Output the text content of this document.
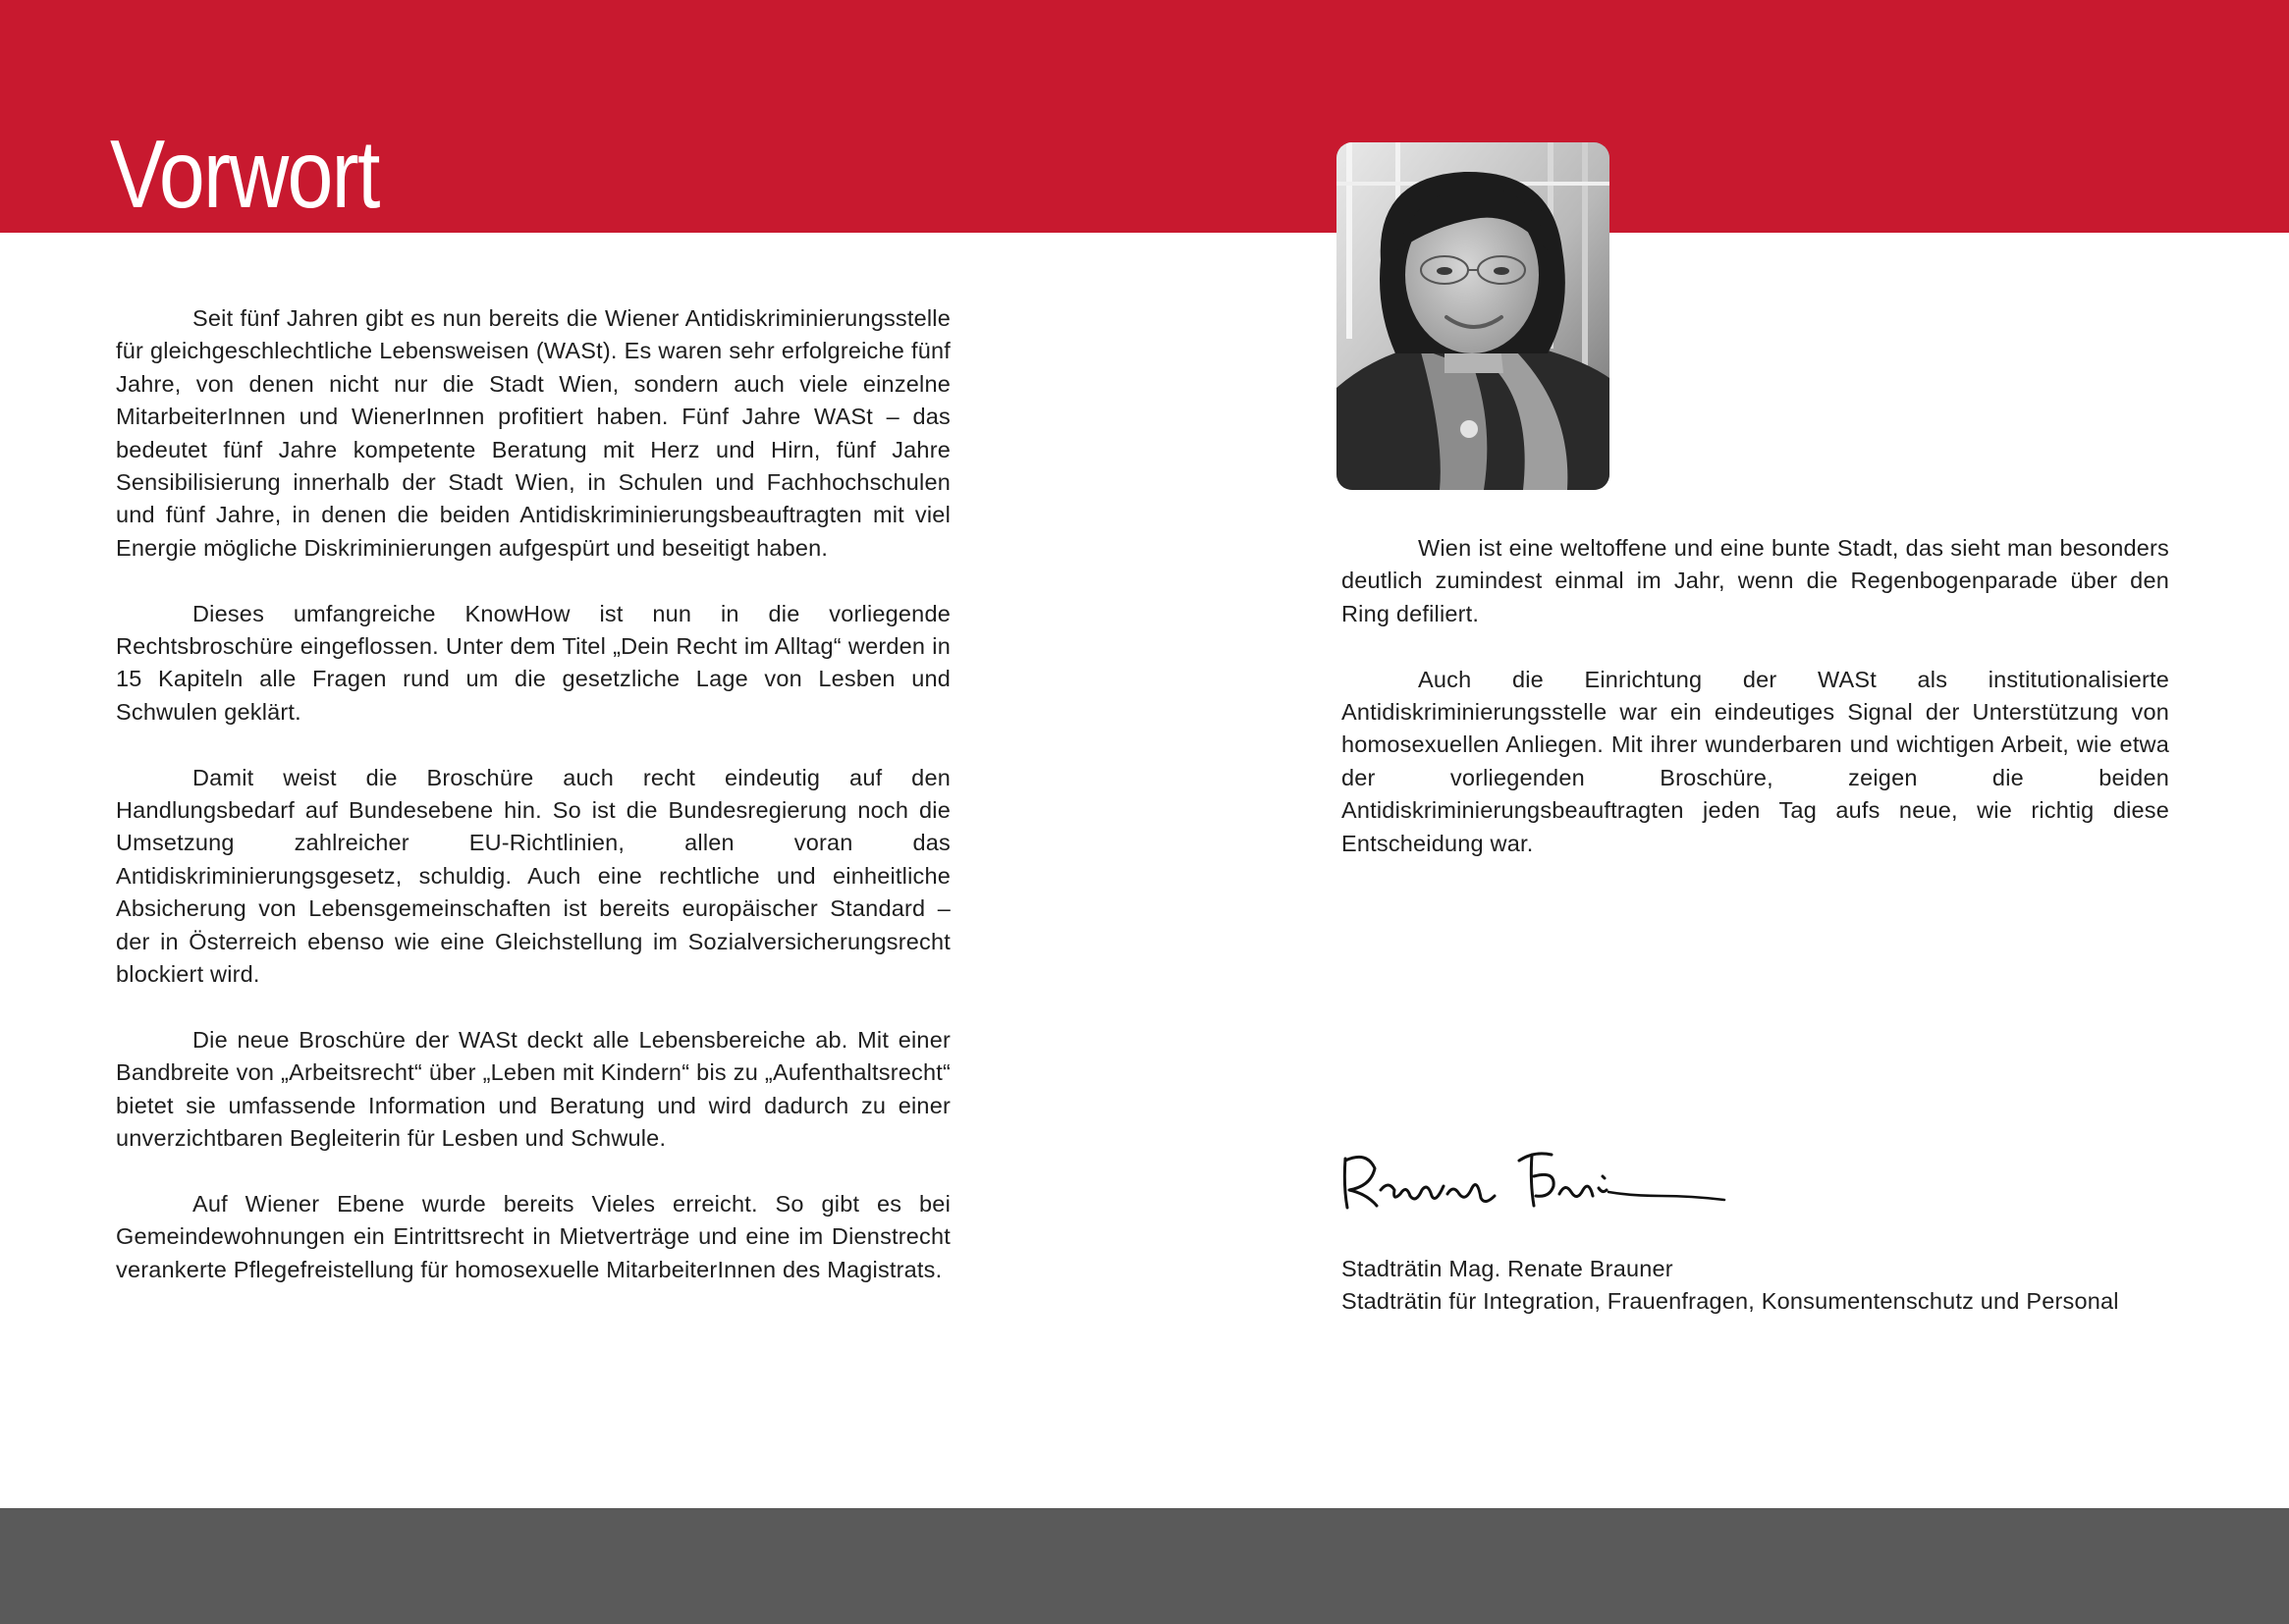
Vorwort

Seit fünf Jahren gibt es nun bereits die Wiener Antidiskriminierungsstelle für gleichgeschlechtliche Lebensweisen (WASt). Es waren sehr erfolgreiche fünf Jahre, von denen nicht nur die Stadt Wien, sondern auch viele einzelne MitarbeiterInnen und WienerInnen profitiert haben. Fünf Jahre WASt – das bedeutet fünf Jahre kompetente Beratung mit Herz und Hirn, fünf Jahre Sensibilisierung innerhalb der Stadt Wien, in Schulen und Fachhochschulen und fünf Jahre, in denen die beiden Antidiskriminierungsbeauftragten mit viel Energie mögliche Diskriminierungen aufgespürt und beseitigt haben.

Dieses umfangreiche KnowHow ist nun in die vorliegende Rechtsbroschüre eingeflossen. Unter dem Titel „Dein Recht im Alltag“ werden in 15 Kapiteln alle Fragen rund um die gesetzliche Lage von Lesben und Schwulen geklärt.

Damit weist die Broschüre auch recht eindeutig auf den Handlungsbedarf auf Bundesebene hin. So ist die Bundesregierung noch die Umsetzung zahlreicher EU-Richtlinien, allen voran das Antidiskriminierungsgesetz, schuldig. Auch eine rechtliche und einheitliche Absicherung von Lebensgemeinschaften ist bereits europäischer Standard – der in Österreich ebenso wie eine Gleichstellung im Sozialversicherungsrecht blockiert wird.

Die neue Broschüre der WASt deckt alle Lebensbereiche ab. Mit einer Bandbreite von „Arbeitsrecht“ über „Leben mit Kindern“ bis zu „Aufenthaltsrecht“ bietet sie umfassende Information und Beratung und wird dadurch zu einer unverzichtbaren Begleiterin für Lesben und Schwule.

Auf Wiener Ebene wurde bereits Vieles erreicht. So gibt es bei Gemeindewohnungen ein Eintrittsrecht in Mietverträge und eine im Dienstrecht verankerte Pflegefreistellung für homosexuelle MitarbeiterInnen des Magistrats.

Wien ist eine weltoffene und eine bunte Stadt, das sieht man besonders deutlich zumindest einmal im Jahr, wenn die Regenbogenparade über den Ring defiliert.

Auch die Einrichtung der WASt als institutionalisierte Antidiskriminierungsstelle war ein eindeutiges Signal der Unterstützung von homosexuellen Anliegen. Mit ihrer wunderbaren und wichtigen Arbeit, wie etwa der vorliegenden Broschüre, zeigen die beiden Antidiskriminierungsbeauftragten jeden Tag aufs neue, wie richtig diese Entscheidung war.

Stadträtin Mag. Renate Brauner
Stadträtin für Integration, Frauenfragen, Konsumentenschutz und Personal
